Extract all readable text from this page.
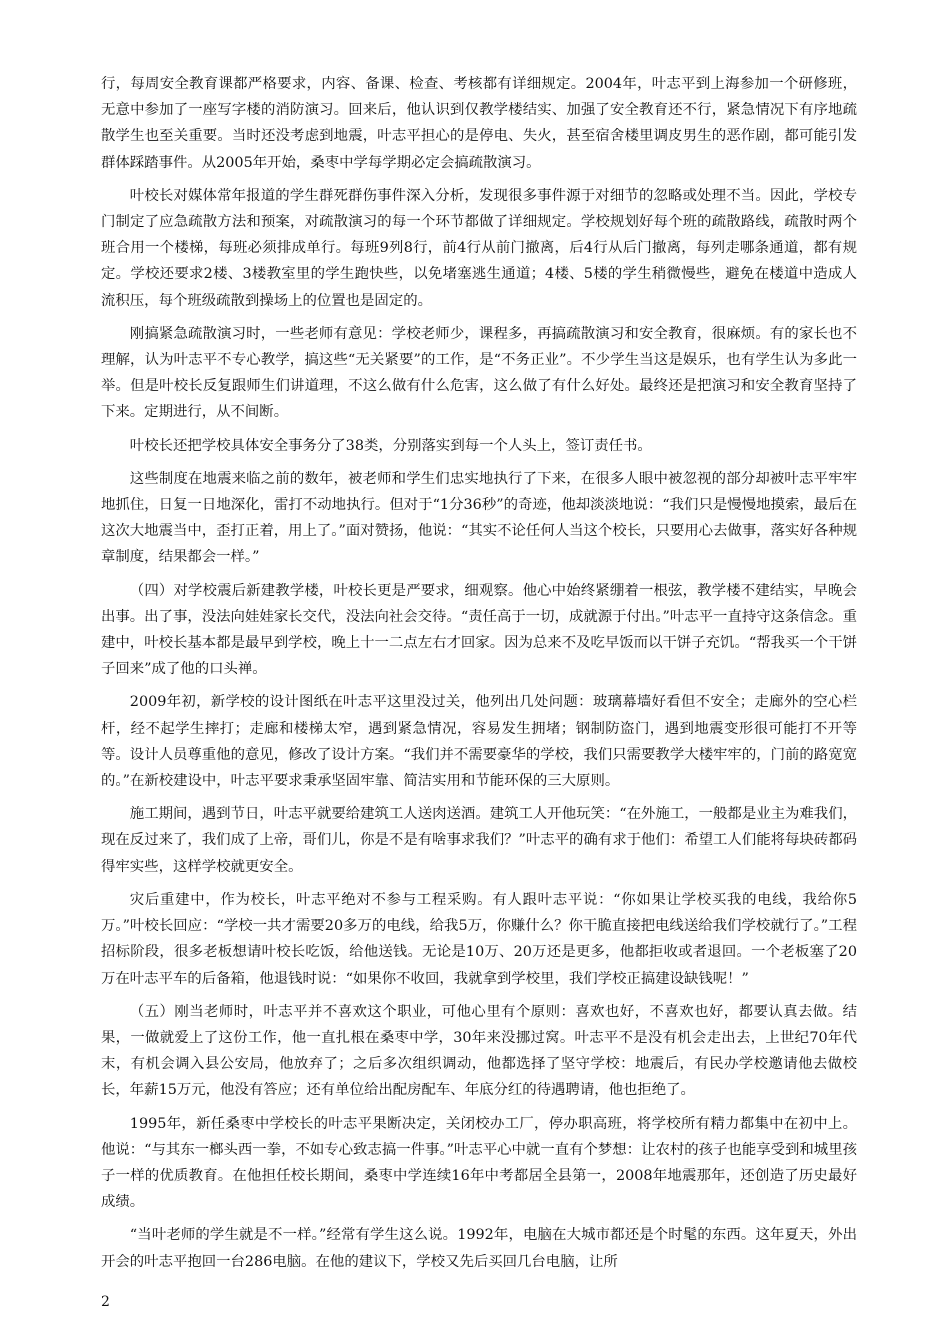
行，每周安全教育课都严格要求，内容、备课、检查、考核都有详细规定。2004年，叶志平到上海参加一个研修班，无意中参加了一座写字楼的消防演习。回来后，他认识到仅教学楼结实、加强了安全教育还不行，紧急情况下有序地疏散学生也至关重要。当时还没考虑到地震，叶志平担心的是停电、失火，甚至宿舍楼里调皮男生的恶作剧，都可能引发群体踩踏事件。从2005年开始，桑枣中学每学期必定会搞疏散演习。

叶校长对媒体常年报道的学生群死群伤事件深入分析，发现很多事件源于对细节的忽略或处理不当。因此，学校专门制定了应急疏散方法和预案，对疏散演习的每一个环节都做了详细规定。学校规划好每个班的疏散路线，疏散时两个班合用一个楼梯，每班必须排成单行。每班9列8行，前4行从前门撤离，后4行从后门撤离，每列走哪条通道，都有规定。学校还要求2楼、3楼教室里的学生跑快些，以免堵塞逃生通道；4楼、5楼的学生稍微慢些，避免在楼道中造成人流积压，每个班级疏散到操场上的位置也是固定的。

刚搞紧急疏散演习时，一些老师有意见：学校老师少，课程多，再搞疏散演习和安全教育，很麻烦。有的家长也不理解，认为叶志平不专心教学，搞这些“无关紧要”的工作，是“不务正业”。不少学生当这是娱乐，也有学生认为多此一举。但是叶校长反复跟师生们讲道理，不这么做有什么危害，这么做了有什么好处。最终还是把演习和安全教育坚持了下来。定期进行，从不间断。

叶校长还把学校具体安全事务分了38类，分别落实到每一个人头上，签订责任书。

这些制度在地震来临之前的数年，被老师和学生们忠实地执行了下来，在很多人眼中被忽视的部分却被叶志平牢牢地抓住，日复一日地深化，雷打不动地执行。但对于“1分36秒”的奇迹，他却淡淡地说：“我们只是慢慢地摸索，最后在这次大地震当中，歪打正着，用上了。”面对赞扬，他说：“其实不论任何人当这个校长，只要用心去做事，落实好各种规章制度，结果都会一样。”

（四）对学校震后新建教学楼，叶校长更是严要求，细观察。他心中始终紧绷着一根弦，教学楼不建结实，早晚会出事。出了事，没法向娃娃家长交代，没法向社会交待。“责任高于一切，成就源于付出。”叶志平一直持守这条信念。重建中，叶校长基本都是最早到学校，晚上十一二点左右才回家。因为总来不及吃早饭而以干饼子充饥。“帮我买一个干饼子回来”成了他的口头禅。

2009年初，新学校的设计图纸在叶志平这里没过关，他列出几处问题：玻璃幕墙好看但不安全；走廊外的空心栏杆，经不起学生摔打；走廊和楼梯太窄，遇到紧急情况，容易发生拥堵；钢制防盗门，遇到地震变形很可能打不开等等。设计人员尊重他的意见，修改了设计方案。“我们并不需要豪华的学校，我们只需要教学大楼牢牢的，门前的路宽宽的。”在新校建设中，叶志平要求秉承坚固牢靠、简洁实用和节能环保的三大原则。

施工期间，遇到节日，叶志平就要给建筑工人送肉送酒。建筑工人开他玩笑：“在外施工，一般都是业主为难我们，现在反过来了，我们成了上帝，哥们儿，你是不是有啥事求我们？”叶志平的确有求于他们：希望工人们能将每块砖都码得牢实些，这样学校就更安全。

灾后重建中，作为校长，叶志平绝对不参与工程采购。有人跟叶志平说：“你如果让学校买我的电线，我给你5万。”叶校长回应：“学校一共才需要20多万的电线，给我5万，你赚什么？你干脆直接把电线送给我们学校就行了。”工程招标阶段，很多老板想请叶校长吃饭，给他送钱。无论是10万、20万还是更多，他都拒收或者退回。一个老板塞了20万在叶志平车的后备箱，他退钱时说：“如果你不收回，我就拿到学校里，我们学校正搞建设缺钱呢！”

（五）刚当老师时，叶志平并不喜欢这个职业，可他心里有个原则：喜欢也好，不喜欢也好，都要认真去做。结果，一做就爱上了这份工作，他一直扎根在桑枣中学，30年来没挪过窝。叶志平不是没有机会走出去，上世纪70年代末，有机会调入县公安局，他放弃了；之后多次组织调动，他都选择了坚守学校：地震后，有民办学校邀请他去做校长，年薪15万元，他没有答应；还有单位给出配房配车、年底分红的待遇聘请，他也拒绝了。

1995年，新任桑枣中学校长的叶志平果断决定，关闭校办工厂，停办职高班，将学校所有精力都集中在初中上。他说：“与其东一榔头西一拳，不如专心致志搞一件事。”叶志平心中就一直有个梦想：让农村的孩子也能享受到和城里孩子一样的优质教育。在他担任校长期间，桑枣中学连续16年中考都居全县第一，2008年地震那年，还创造了历史最好成绩。

“当叶老师的学生就是不一样。”经常有学生这么说。1992年，电脑在大城市都还是个时髦的东西。这年夏天，外出开会的叶志平抱回一台286电脑。在他的建议下，学校又先后买回几台电脑，让所

2
